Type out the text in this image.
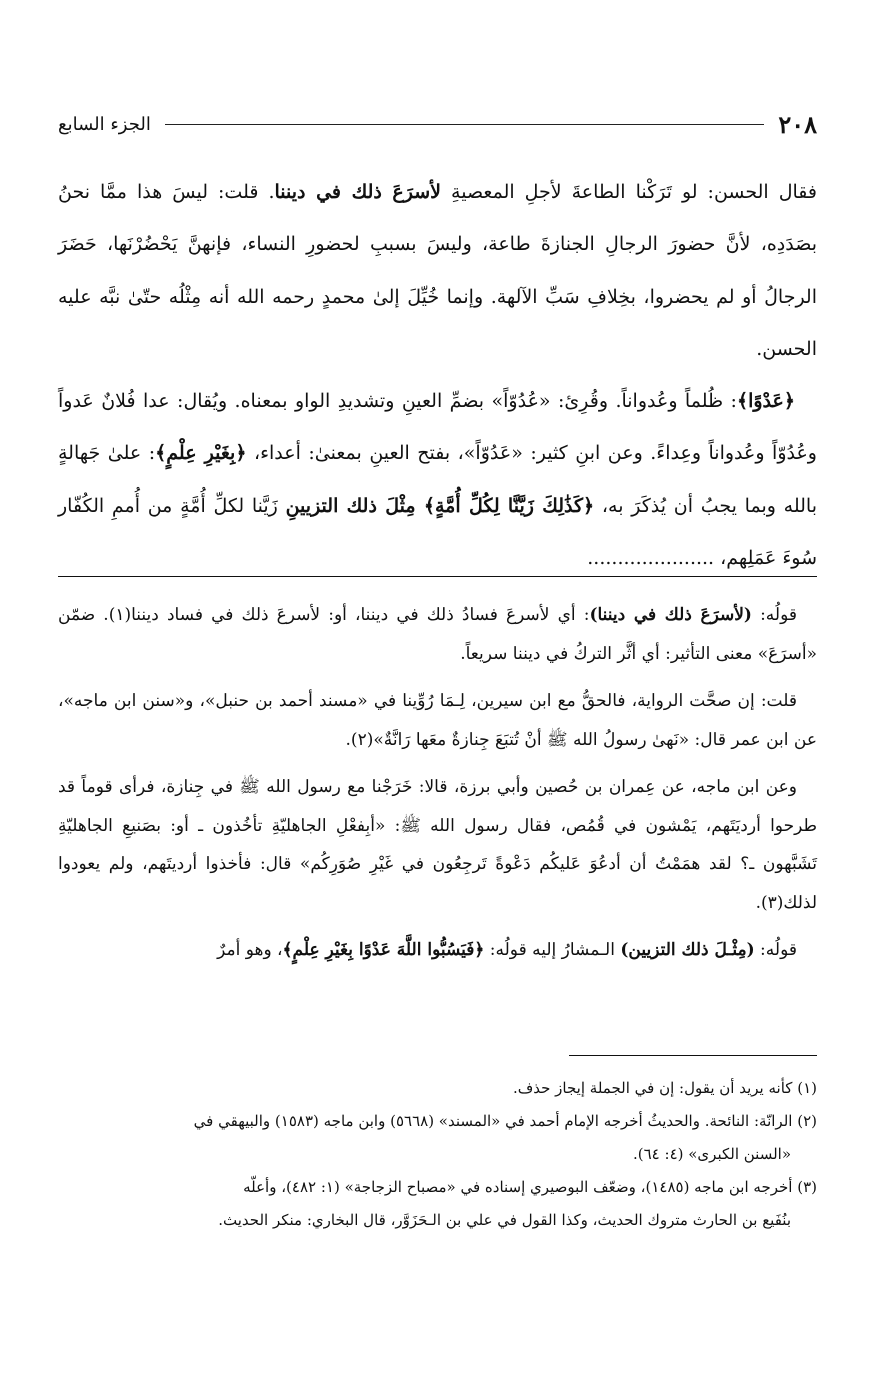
٢٠٨
الجزء السابع

فقال الحسن: لو تَرَكْنا الطاعةَ لأجلِ المعصيةِ لأسرَعَ ذلك في ديننا. قلت: ليسَ هذا ممَّا نحنُ بصَدَدِه، لأنَّ حضورَ الرجالِ الجنازةَ طاعة، وليسَ بسببِ لحضورِ النساء، فإنهنَّ يَحْضُرْنَها، حَضَرَ الرجالُ أو لم يحضروا، بخِلافِ سَبِّ الآلهة. وإنما خُيِّلَ إلىٰ محمدٍ رحمه الله أنه مِثْلُه حتّىٰ نبَّه عليه الحسن.

﴿عَدْوًا﴾: ظُلماً وعُدواناً. وقُرِئ: «عُدُوّاً» بضمِّ العينِ وتشديدِ الواو بمعناه. ويُقال: عدا فُلانٌ عَدواً وعُدُوّاً وعُدواناً وعِداءً. وعن ابنِ كثير: «عَدُوّاً»، بفتح العينِ بمعنىٰ: أعداء، ﴿بِغَيْرِ عِلْمٍ﴾: علىٰ جَهالةٍ بالله وبما يجبُ أن يُذكَرَ به، ﴿كَذَٰلِكَ زَيَّنَّا لِكُلِّ أُمَّةٍ﴾ مِثْلَ ذلك التزيينِ زَيَّنا لكلِّ أُمَّةٍ من أُممِ الكُفّار سُوءَ عَمَلِهم، .....................

قولُه: (لأسرَعَ ذلك في ديننا): أي لأسرعَ فسادُ ذلك في ديننا، أو: لأسرعَ ذلك في فساد ديننا(١). ضمّن «أسرَعَ» معنى التأثير: أي أثَّر التركُ في ديننا سريعاً.

قلت: إن صحَّت الرواية، فالحقُّ مع ابن سيرين، لِـمَا رُوِّينا في «مسند أحمد بن حنبل»، و«سنن ابن ماجه»، عن ابن عمر قال: «نَهىٰ رسولُ الله ﷺ أنْ تُتبَعَ جِنازةٌ معَها رَانَّةٌ»(٢).

وعن ابن ماجه، عن عِمران بن حُصين وأبي برزة، قالا: خَرَجْنا مع رسول الله ﷺ في جِنازة، فرأى قوماً قد طرحوا أرديَتَهم، يَمْشون في قُمُص، فقال رسول الله ﷺ: «أبِفعْلِ الجاهليّةِ تأخُذون ـ أو: بصَنيعِ الجاهليّةِ تَشَبَّهون ـ؟ لقد همَمْتُ أن أدعُوَ عَليكُم دَعْوةً تَرجِعُون في غَيْرِ صُوَرِكُم» قال: فأخذوا أرديتَهم، ولم يعودوا لذلك(٣).

قولُه: (مِثْـلَ ذلك التزيين) الـمشارُ إليه قولُه: ﴿فَيَسُبُّوا اللَّهَ عَدْوًا بِغَيْرِ عِلْمٍ﴾، وهو أمرٌ

(١) كأنه يريد أن يقول: إن في الجملة إيجاز حذف.

(٢) الرانّة: النائحة. والحديثُ أخرجه الإمام أحمد في «المسند» (٥٦٦٨) وابن ماجه (١٥٨٣) والبيهقي في

«السنن الكبرى» (٤: ٦٤).

(٣) أخرجه ابن ماجه (١٤٨٥)، وضعّف البوصيري إسناده في «مصباح الزجاجة» (١: ٤٨٢)، وأعلّه

بنُفَيع بن الحارث متروك الحديث، وكذا القول في علي بن الـحَزَوَّر، قال البخاري: منكر الحديث.
